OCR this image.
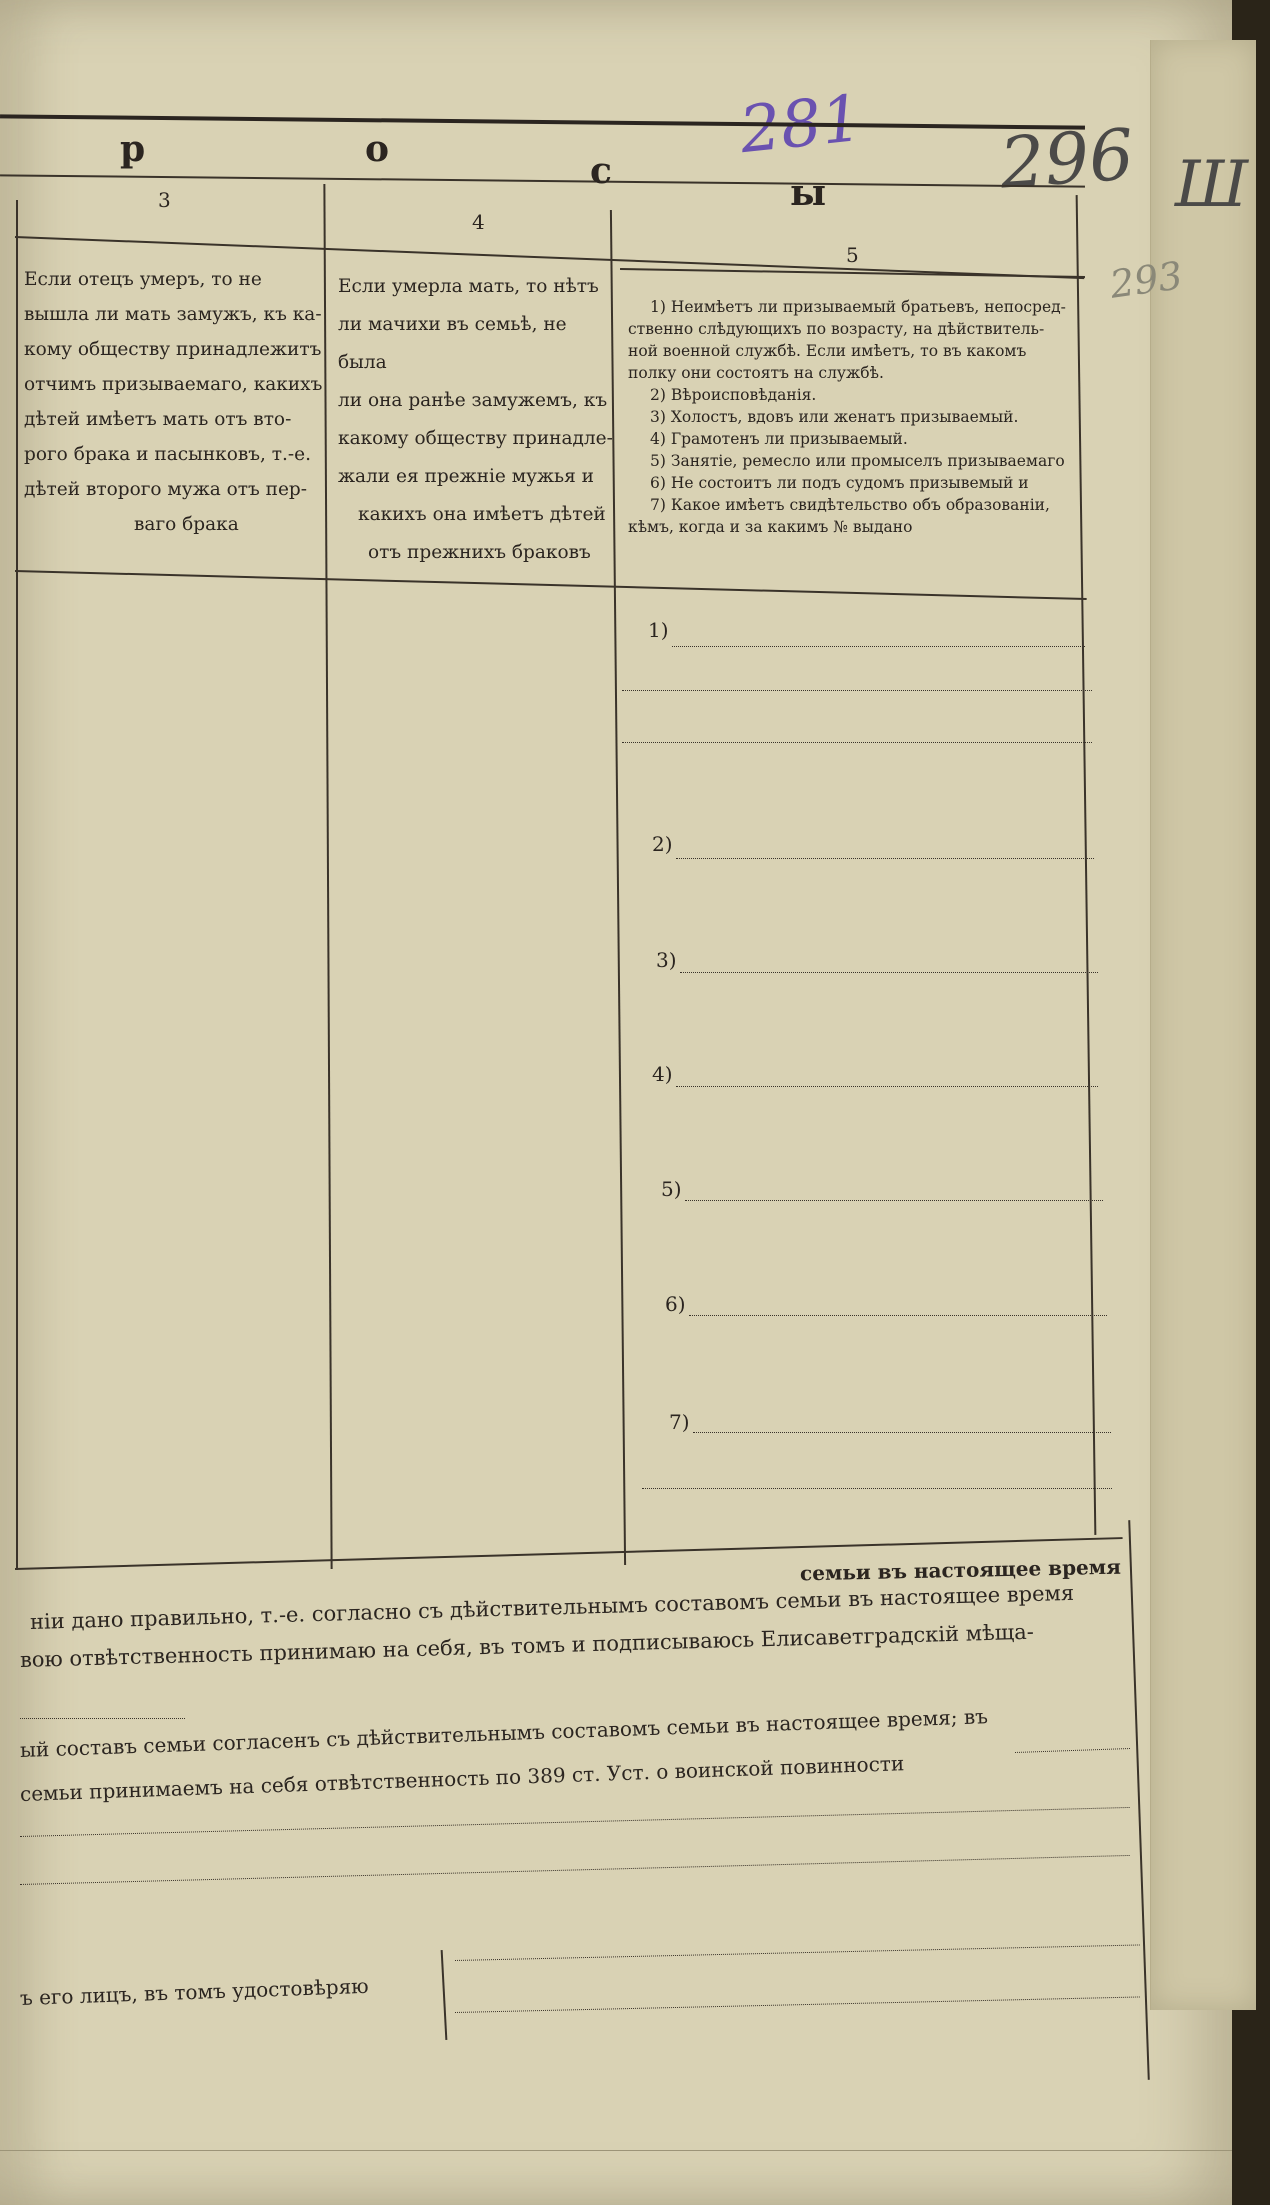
281 296 Ш
293
р	о
с
ы
3
4
5
Если отецъ умеръ, то не
вышла ли мать замужъ, къ ка-
кому обществу принадлежитъ
отчимъ призываемаго, какихъ
дѣтей имѣетъ мать отъ вто-
рого брака и пасынковъ, т.-е.
дѣтей второго мужа отъ пер-
ваго брака
Если умерла мать, то нѣтъ
ли мачихи въ семьѣ, не была
ли она ранѣе замужемъ, къ
какому обществу принадле-
жали ея прежніе мужья и
какихъ она имѣетъ дѣтей
отъ прежнихъ браковъ
1) Неимѣетъ ли призываемый братьевъ, непосред-
ственно слѣдующихъ по возрасту, на дѣйствитель-
ной военной службѣ. Если имѣетъ, то въ какомъ
полку они состоятъ на службѣ.
2) Вѣроисповѣданія.
3) Холостъ, вдовъ или женатъ призываемый.
4) Грамотенъ ли призываемый.
5) Занятіе, ремесло или промыселъ призываемаго
6) Не состоитъ ли подъ судомъ призывемый и
7) Какое имѣетъ свидѣтельство объ образованіи,
кѣмъ, когда и за какимъ № выдано
1)
2)
3)
4)
5)
6)
7)
семьи въ настоящее время
ніи дано правильно, т.-е. согласно съ дѣйствительнымъ составомъ семьи въ настоящее время
вою отвѣтственность принимаю на себя, въ томъ и подписываюсь Елисаветградскій мѣща-
ый составъ семьи согласенъ съ дѣйствительнымъ составомъ семьи въ настоящее время; въ
семьи принимаемъ на себя отвѣтственность по 389 ст. Уст. о воинской повинности
ъ его лицъ, въ томъ удостовѣряю
